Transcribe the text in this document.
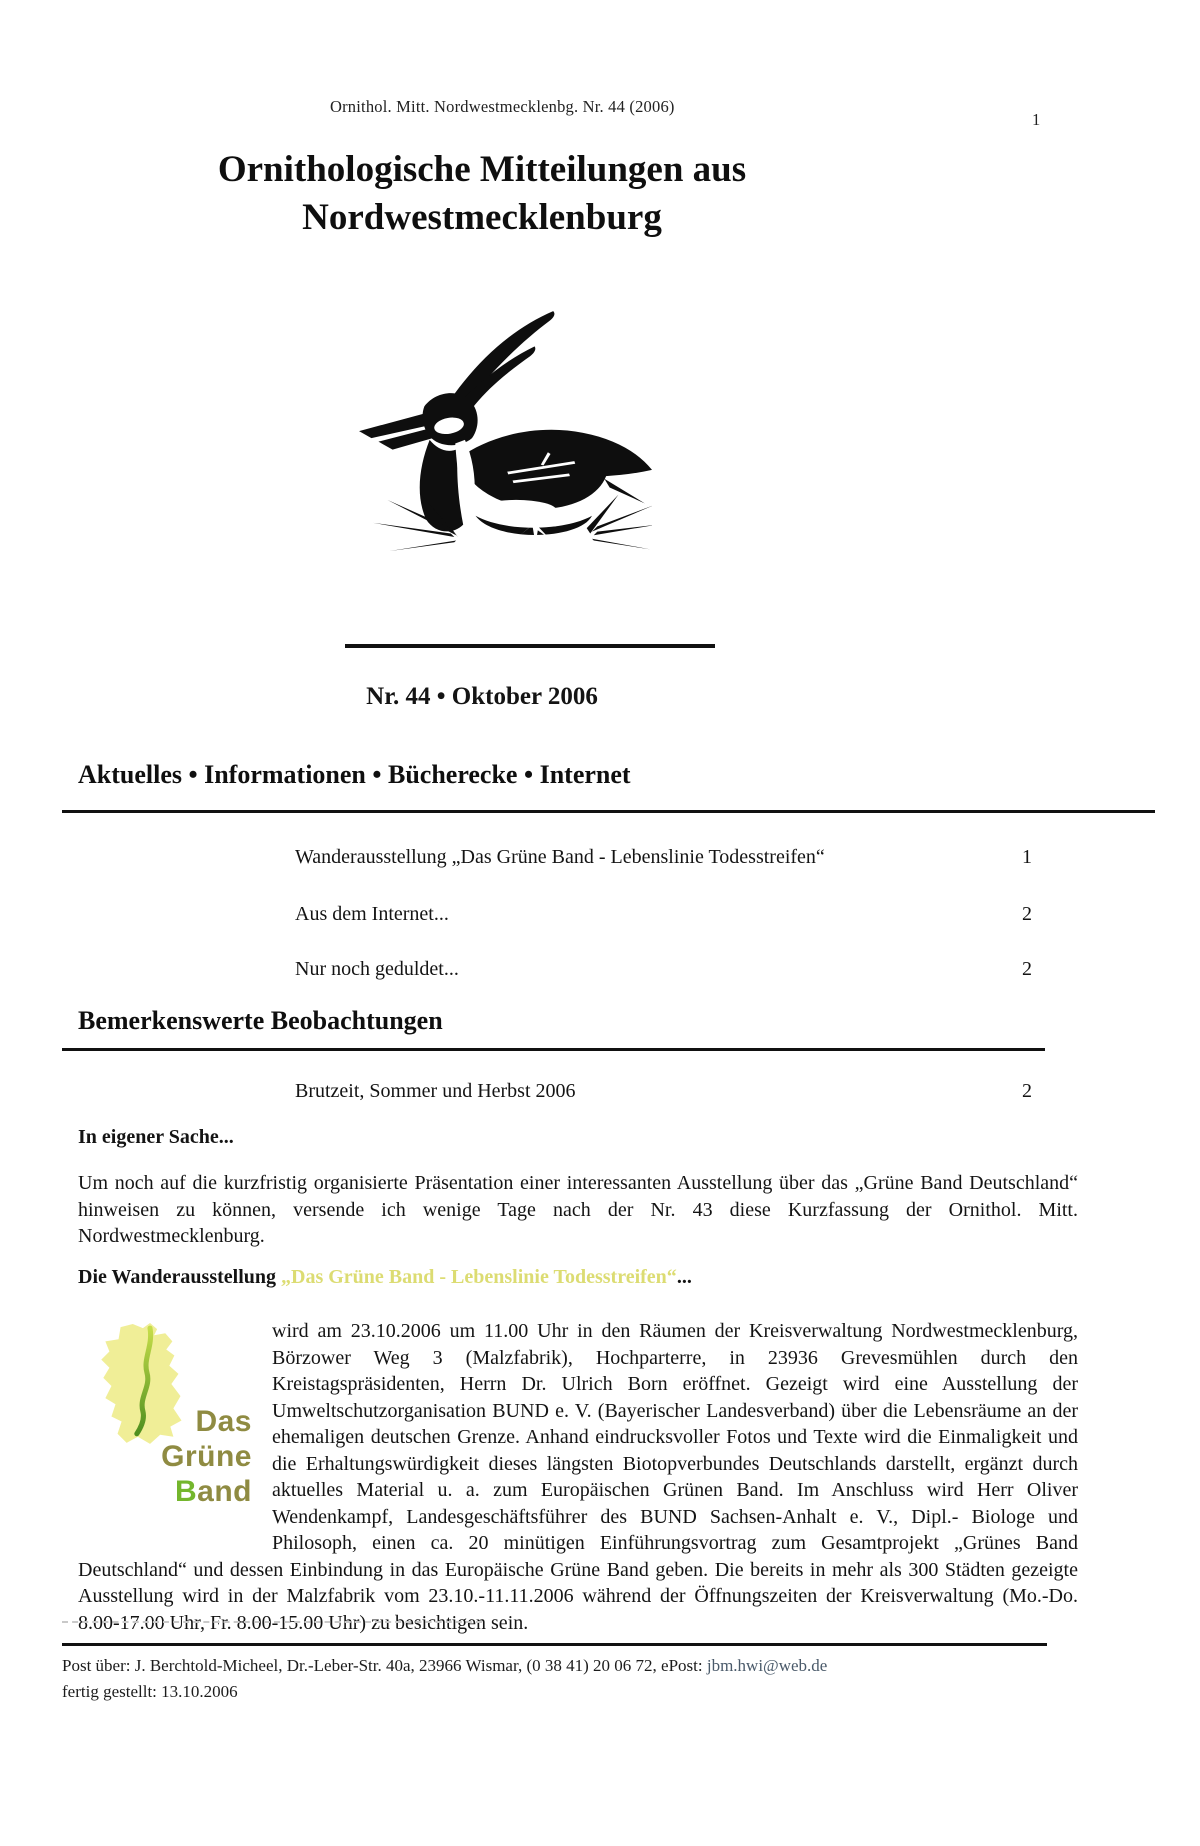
Ornithol. Mitt. Nordwestmecklenbg. Nr. 44 (2006)
1
Ornithologische Mitteilungen aus
Nordwestmecklenburg
Nr. 44 • Oktober 2006
Aktuelles • Informationen • Bücherecke • Internet
Wanderausstellung „Das Grüne Band - Lebenslinie Todesstreifen“	1
Aus dem Internet...	2
Nur noch geduldet...	2
Bemerkenswerte Beobachtungen
Brutzeit, Sommer und Herbst 2006	2
In eigener Sache...
Um noch auf die kurzfristig organisierte Präsentation einer interessanten Ausstellung über das „Grüne Band Deutschland“ hinweisen zu können, versende ich wenige Tage nach der Nr. 43 diese Kurzfassung der Ornithol. Mitt. Nordwestmecklenburg.
Die Wanderausstellung „Das Grüne Band - Lebenslinie Todesstreifen“...
Das
Grüne
Band
wird am 23.10.2006 um 11.00 Uhr in den Räumen der Kreisverwaltung Nordwestmecklenburg, Börzower Weg 3 (Malzfabrik), Hochparterre, in 23936 Grevesmühlen durch den Kreistagspräsidenten, Herrn Dr. Ulrich Born eröffnet. Gezeigt wird eine Ausstellung der Umweltschutzorganisation BUND e. V. (Bayerischer Landesverband) über die Lebensräume an der ehemaligen deutschen Grenze. Anhand eindrucksvoller Fotos und Texte wird die Einmaligkeit und die Erhaltungswürdigkeit dieses längsten Biotopverbundes Deutschlands darstellt, ergänzt durch aktuelles Material u. a. zum Europäischen Grünen Band. Im Anschluss wird Herr Oliver Wendenkampf, Landesgeschäftsführer des BUND Sachsen-Anhalt e. V., Dipl.- Biologe und Philosoph, einen ca. 20 minütigen Einführungsvortrag zum Gesamtprojekt „Grünes Band Deutschland“ und dessen Einbindung in das Europäische Grüne Band geben. Die bereits in mehr als 300 Städten gezeigte Ausstellung wird in der Malzfabrik vom 23.10.-11.11.2006 während der Öffnungszeiten der Kreisverwaltung (Mo.-Do. 8.00-17.00 Uhr, Fr. 8.00-15.00 Uhr) zu besichtigen sein.
Post über: J. Berchtold-Micheel, Dr.-Leber-Str. 40a, 23966 Wismar, (0 38 41) 20 06 72, ePost: jbm.hwi@web.de
fertig gestellt: 13.10.2006
